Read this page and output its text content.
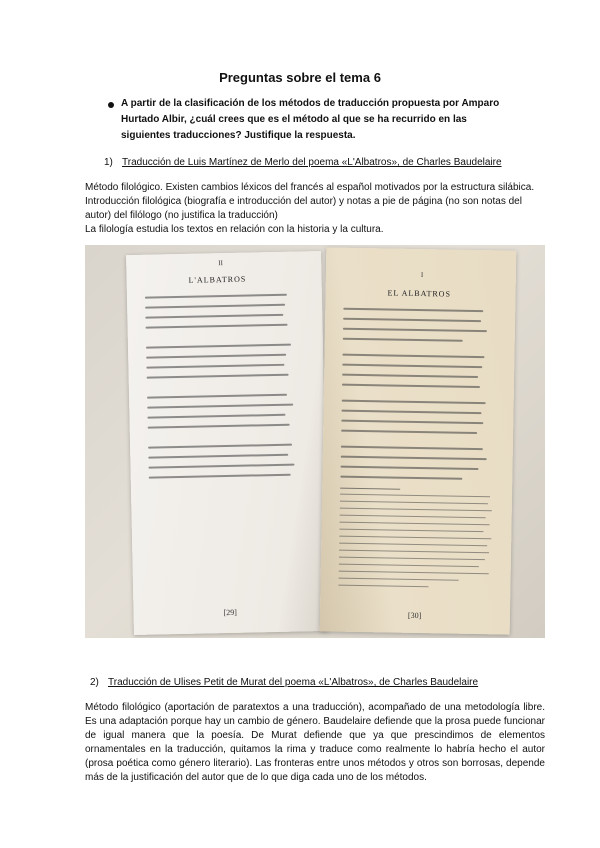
Preguntas sobre el tema 6

A partir de la clasificación de los métodos de traducción propuesta por Amparo Hurtado Albir, ¿cuál crees que es el método al que se ha recurrido en las siguientes traducciones? Justifique la respuesta.

1) Traducción de Luis Martínez de Merlo del poema «L'Albatros», de Charles Baudelaire

Método filológico. Existen cambios léxicos del francés al español motivados por la estructura silábica.

Introducción filológica (biografía e introducción del autor) y notas a pie de página (no son notas del autor) del filólogo (no justifica la traducción)

La filología estudia los textos en relación con la historia y la cultura.

II
L'ALBATROS
[29]
I
EL ALBATROS
[30]

2) Traducción de Ulises Petit de Murat del poema «L'Albatros», de Charles Baudelaire

Método filológico (aportación de paratextos a una traducción), acompañado de una metodología libre. Es una adaptación porque hay un cambio de género. Baudelaire defiende que la prosa puede funcionar de igual manera que la poesía. De Murat defiende que ya que prescindimos de elementos ornamentales en la traducción, quitamos la rima y traduce como realmente lo habría hecho el autor (prosa poética como género literario). Las fronteras entre unos métodos y otros son borrosas, depende más de la justificación del autor que de lo que diga cada uno de los métodos.
